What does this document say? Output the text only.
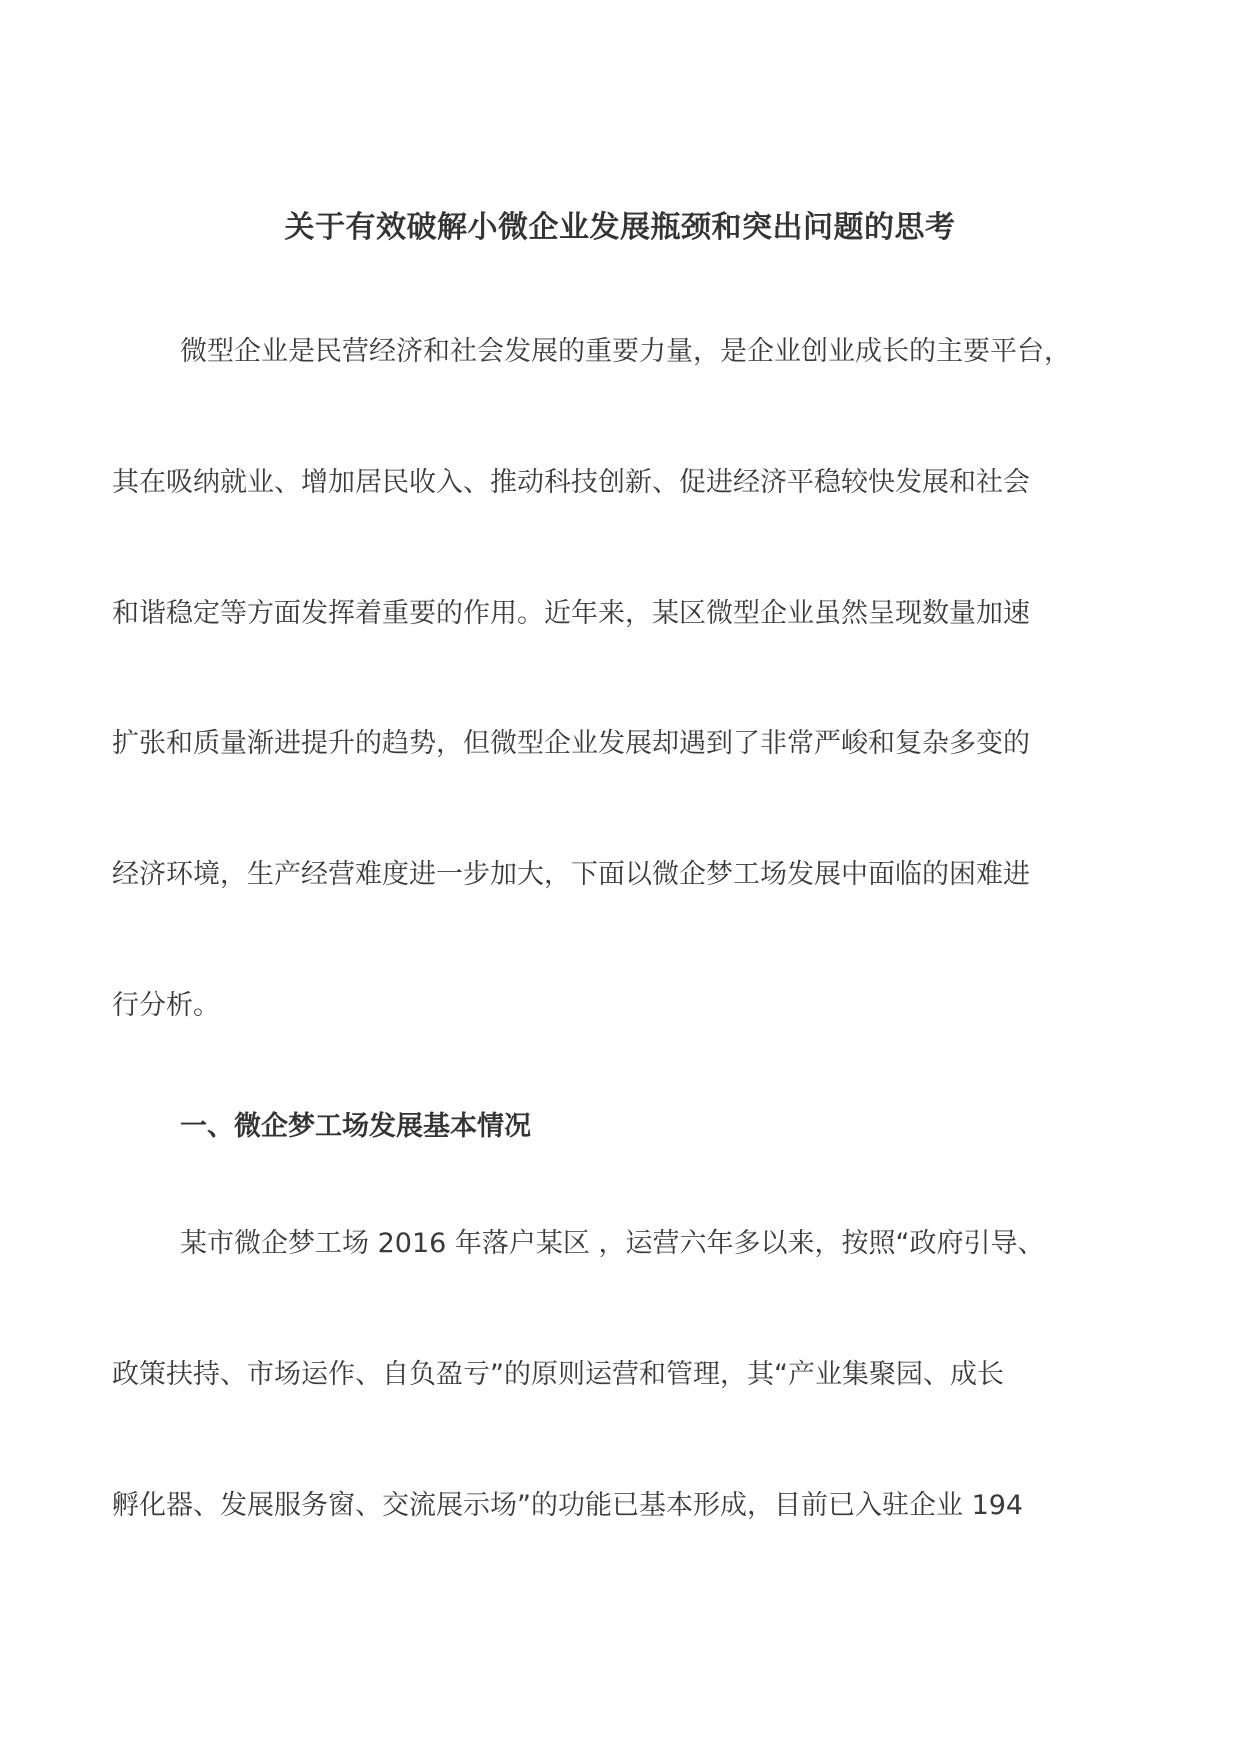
关于有效破解小微企业发展瓶颈和突出问题的思考
微型企业是民营经济和社会发展的重要力量，是企业创业成长的主要平台，
其在吸纳就业、增加居民收入、推动科技创新、促进经济平稳较快发展和社会
和谐稳定等方面发挥着重要的作用。近年来，某区微型企业虽然呈现数量加速
扩张和质量渐进提升的趋势，但微型企业发展却遇到了非常严峻和复杂多变的
经济环境，生产经营难度进一步加大，下面以微企梦工场发展中面临的困难进
行分析。
一、微企梦工场发展基本情况
某市微企梦工场 2016 年落户某区 ，运营六年多以来，按照“政府引导、
政策扶持、市场运作、自负盈亏”的原则运营和管理，其“产业集聚园、成长
孵化器、发展服务窗、交流展示场”的功能已基本形成，目前已入驻企业 194
